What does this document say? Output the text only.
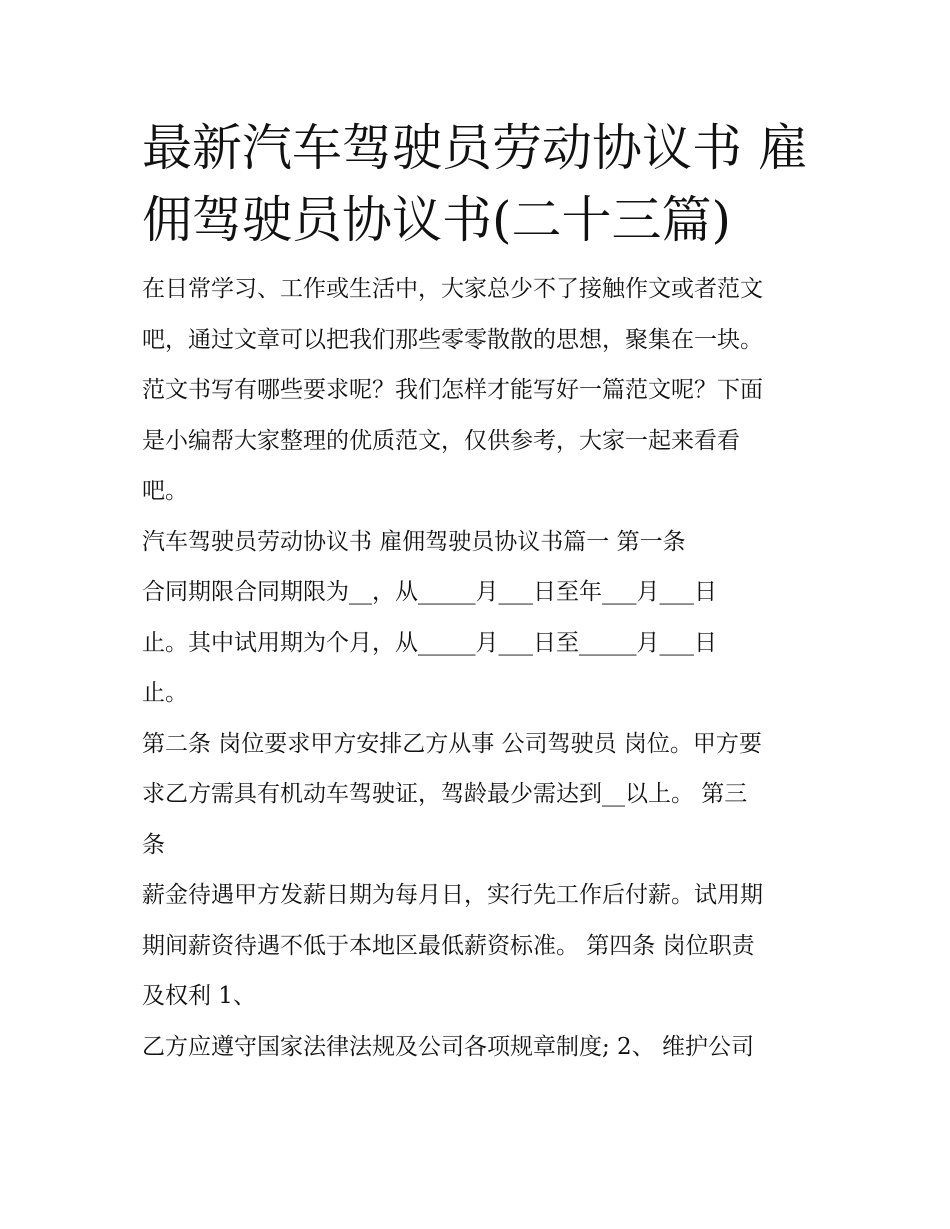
最新汽车驾驶员劳动协议书 雇
佣驾驶员协议书(二十三篇)

在日常学习、工作或生活中，大家总少不了接触作文或者范文

吧，通过文章可以把我们那些零零散散的思想，聚集在一块。

范文书写有哪些要求呢？我们怎样才能写好一篇范文呢？下面

是小编帮大家整理的优质范文，仅供参考，大家一起来看看

吧。

汽车驾驶员劳动协议书 雇佣驾驶员协议书篇一 第一条

合同期限合同期限为__，从_____月___日至年___月___日

止。其中试用期为个月，从_____月___日至_____月___日

止。

第二条 岗位要求甲方安排乙方从事 公司驾驶员 岗位。甲方要

求乙方需具有机动车驾驶证，驾龄最少需达到__以上。 第三

条

薪金待遇甲方发薪日期为每月日，实行先工作后付薪。试用期

期间薪资待遇不低于本地区最低薪资标准。 第四条 岗位职责

及权利 1、

乙方应遵守国家法律法规及公司各项规章制度; 2、 维护公司
